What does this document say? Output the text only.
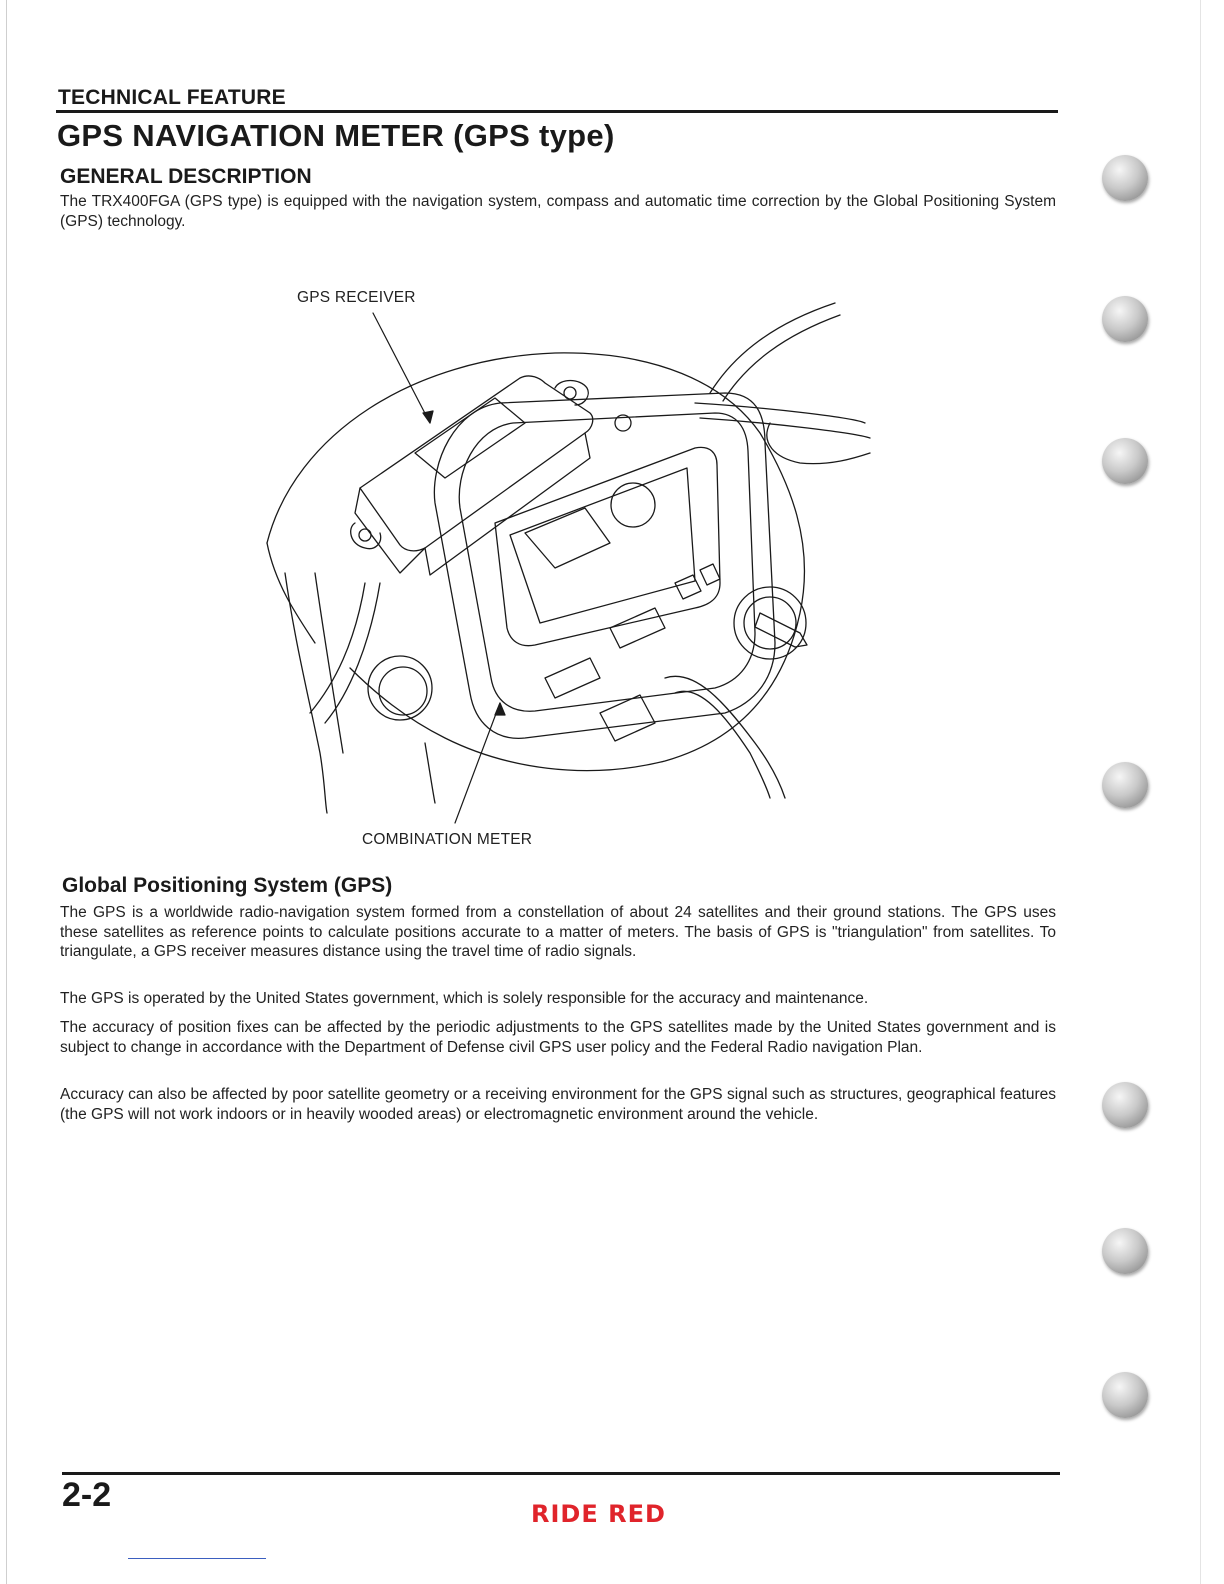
TECHNICAL FEATURE
GPS NAVIGATION METER (GPS type)
GENERAL DESCRIPTION
The TRX400FGA (GPS type) is equipped with the navigation system, compass and automatic time correction by the Global Positioning System (GPS) technology.
GPS RECEIVER
COMBINATION METER
Global Positioning System (GPS)
The GPS is a worldwide radio-navigation system formed from a constellation of about 24 satellites and their ground stations. The GPS uses these satellites as reference points to calculate positions accurate to a matter of meters. The basis of GPS is "triangulation" from satellites. To triangulate, a GPS receiver measures distance using the travel time of radio signals.
The GPS is operated by the United States government, which is solely responsible for the accuracy and maintenance.
The accuracy of position fixes can be affected by the periodic adjustments to the GPS satellites made by the United States government and is subject to change in accordance with the Department of Defense civil GPS user policy and the Federal Radio navigation Plan.
Accuracy can also be affected by poor satellite geometry or a receiving environment for the GPS signal such as structures, geographical features (the GPS will not work indoors or in heavily wooded areas) or electromagnetic environment around the vehicle.
2-2	RIDE RED
